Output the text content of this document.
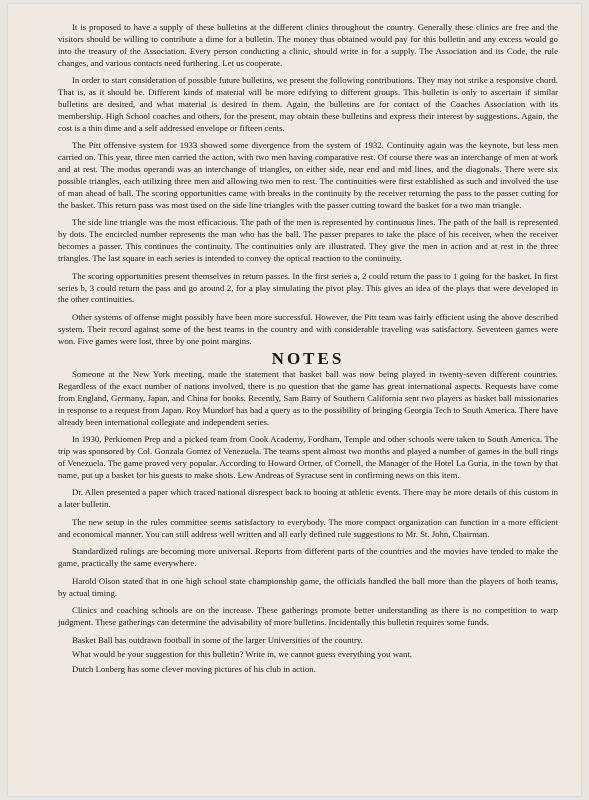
It is proposed to have a supply of these bulletins at the different clinics throughout the country. Generally these clinics are free and the visitors should be willing to contribute a dime for a bulletin. The money thus obtained would pay for this bulletin and any excess would go into the treasury of the Association. Every person conducting a clinic, should write in for a supply. The Association and its Code, the rule changes, and various contacts need furthering. Let us cooperate.

In order to start consideration of possible future bulletins, we present the following contributions. They may not strike a responsive chord. That is, as it should be. Different kinds of material will be more edifying to different groups. This bulletin is only to ascertain if similar bulletins are desired, and what material is desired in them. Again, the bulletins are for contact of the Coaches Association with its membership. High School coaches and others, for the present, may obtain these bulletins and express their interest by suggestions. Again, the cost is a thin dime and a self addressed envelope or fifteen cents.

The Pitt offensive system for 1933 showed some divergence from the system of 1932. Continuity again was the keynote, but less men carried on. This year, three men carried the action, with two men having comparative rest. Of course there was an interchange of men at work and at rest. The modus operandi was an interchange of triangles, on either side, near end and mid lines, and the diagonals. There were six possible triangles, each utilizing three men and allowing two men to rest. The continuities were first established as such and involved the use of man ahead of ball. The scoring opportunities came with breaks in the continuity by the receiver returning the pass to the passer cutting for the basket. This return pass was most used on the side line triangles with the passer cutting toward the basket for a two man triangle.

The side line triangle was the most efficacious. The path of the men is represented by continuous lines. The path of the ball is represented by dots. The encircled number represents the man who has the ball. The passer prepares to take the place of his receiver, when the receiver becomes a passer. This continues the continuity. The continuities only are illustrated. They give the men in action and at rest in the three triangles. The last square in each series is intended to convey the optical reaction to the continuity.

The scoring opportunities present themselves in return passes. In the first series a, 2 could return the pass to 1 going for the basket. In first series b, 3 could return the pass and go around 2, for a play simulating the pivot play. This gives an idea of the plays that were developed in the other continuities.

Other systems of offense might possibly have been more successful. However, the Pitt team was fairly efficient using the above described system. Their record against some of the best teams in the country and with considerable traveling was satisfactory. Seventeen games were won. Five games were lost, three by one point margins.

NOTES

Someone at the New York meeting, made the statement that basket ball was now being played in twenty-seven different countries. Regardless of the exact number of nations involved, there is no question that the game has great international aspects. Requests have come from England, Germany, Japan, and China for books. Recently, Sam Barry of Southern California sent two players as basket ball missionaries in response to a request from Japan. Roy Mundorf has had a query as to the possibility of bringing Georgia Tech to South America. There have already been international collegiate and independent series.

In 1930, Perkiomen Prep and a picked team from Cook Academy, Fordham, Temple and other schools were taken to South America. The trip was sponsored by Col. Gonzala Gomez of Venezuela. The teams spent almost two months and played a number of games in the bull rings of Venezuela. The game proved very popular. According to Howard Ortner, of Cornell, the Manager of the Hotel La Guria, in the town by that name, put up a basket for his guests to make shots. Lew Andreas of Syracuse sent in confirming news on this item.

Dr. Allen presented a paper which traced national disrespect back to booing at athletic events. There may be more details of this custom in a later bulletin.

The new setup in the rules committee seems satisfactory to everybody. The more compact organization can function in a more efficient and economical manner. You can still address well written and all early defined rule suggestions to Mr. St. John, Chairman.

Standardized rulings are becoming more universal. Reports from different parts of the countries and the movies have tended to make the game, practically the same everywhere.

Harold Olson stated that in one high school state championship game, the officials handled the ball more than the players of both teams, by actual timing.

Clinics and coaching schools are on the increase. These gatherings promote better understanding as there is no competition to warp judgment. These gatherings can determine the advisability of more bulletins. Incidentally this bulletin requires some funds.

Basket Ball has outdrawn football in some of the larger Universities of the country.

What would be your suggestion for this bulletin? Write in, we cannot guess everything you want.

Dutch Lonberg has some clever moving pictures of his club in action.
